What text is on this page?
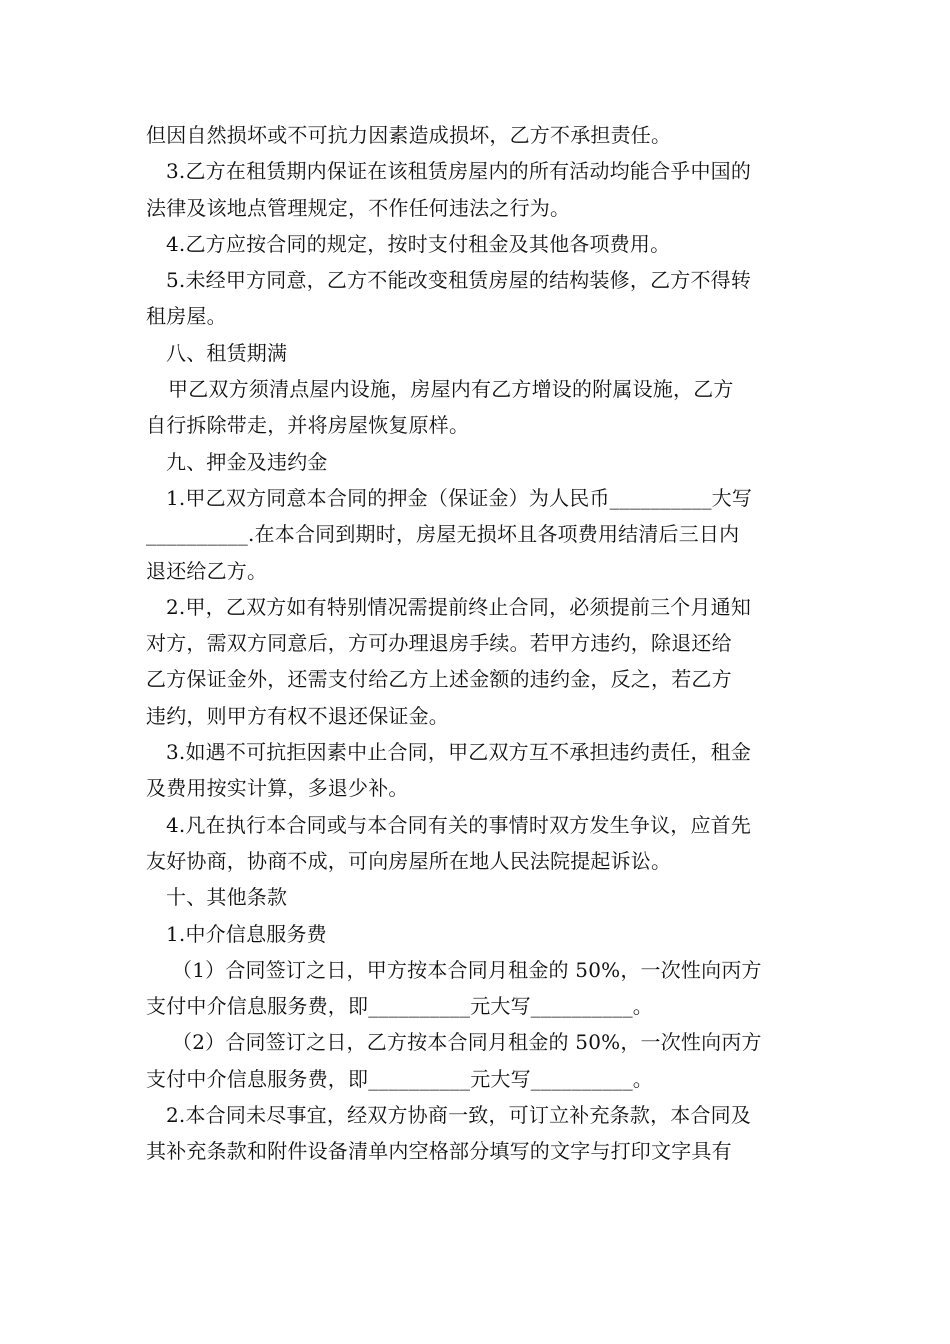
但因自然损坏或不可抗力因素造成损坏，乙方不承担责任。
3.乙方在租赁期内保证在该租赁房屋内的所有活动均能合乎中国的
法律及该地点管理规定，不作任何违法之行为。
4.乙方应按合同的规定，按时支付租金及其他各项费用。
5.未经甲方同意，乙方不能改变租赁房屋的结构装修，乙方不得转
租房屋。
八、租赁期满
甲乙双方须清点屋内设施，房屋内有乙方增设的附属设施，乙方
自行拆除带走，并将房屋恢复原样。
九、押金及违约金
1.甲乙双方同意本合同的押金（保证金）为人民币__________大写
__________.在本合同到期时，房屋无损坏且各项费用结清后三日内
退还给乙方。
2.甲，乙双方如有特别情况需提前终止合同，必须提前三个月通知
对方，需双方同意后，方可办理退房手续。若甲方违约，除退还给
乙方保证金外，还需支付给乙方上述金额的违约金，反之，若乙方
违约，则甲方有权不退还保证金。
3.如遇不可抗拒因素中止合同，甲乙双方互不承担违约责任，租金
及费用按实计算，多退少补。
4.凡在执行本合同或与本合同有关的事情时双方发生争议，应首先
友好协商，协商不成，可向房屋所在地人民法院提起诉讼。
十、其他条款
1.中介信息服务费
（1）合同签订之日，甲方按本合同月租金的 50%，一次性向丙方
支付中介信息服务费，即__________元大写__________。
（2）合同签订之日，乙方按本合同月租金的 50%，一次性向丙方
支付中介信息服务费，即__________元大写__________。
2.本合同未尽事宜，经双方协商一致，可订立补充条款，本合同及
其补充条款和附件设备清单内空格部分填写的文字与打印文字具有
